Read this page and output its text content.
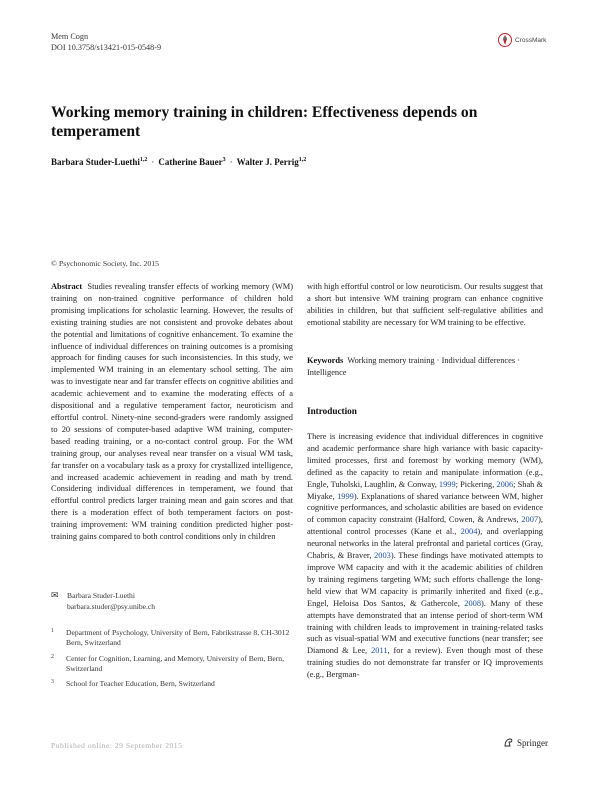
Mem Cogn
DOI 10.3758/s13421-015-0548-9
CrossMark
Working memory training in children: Effectiveness depends on temperament
Barbara Studer-Luethi$^{1,2}$ · Catherine Bauer$^3$ · Walter J. Perrig$^{1,2}$
© Psychonomic Society, Inc. 2015
Abstract Studies revealing transfer effects of working memory (WM) training on non-trained cognitive performance of children hold promising implications for scholastic learning. However, the results of existing training studies are not consistent and provoke debates about the potential and limitations of cognitive enhancement. To examine the influence of individual differences on training outcomes is a promising approach for finding causes for such inconsistencies. In this study, we implemented WM training in an elementary school setting. The aim was to investigate near and far transfer effects on cognitive abilities and academic achievement and to examine the moderating effects of a dispositional and a regulative temperament factor, neuroticism and effortful control. Ninety-nine second-graders were randomly assigned to 20 sessions of computer-based adaptive WM training, computer-based reading training, or a no-contact control group. For the WM training group, our analyses reveal near transfer on a visual WM task, far transfer on a vocabulary task as a proxy for crystallized intelligence, and increased academic achievement in reading and math by trend. Considering individual differences in temperament, we found that effortful control predicts larger training mean and gain scores and that there is a moderation effect of both temperament factors on post-training improvement: WM training condition predicted higher post-training gains compared to both control conditions only in children
with high effortful control or low neuroticism. Our results suggest that a short but intensive WM training program can enhance cognitive abilities in children, but that sufficient self-regulative abilities and emotional stability are necessary for WM training to be effective.
Keywords Working memory training · Individual differences · Intelligence
Introduction
There is increasing evidence that individual differences in cognitive and academic performance share high variance with basic capacity-limited processes, first and foremost by working memory (WM), defined as the capacity to retain and manipulate information (e.g., Engle, Tuholski, Laughlin, & Conway, 1999; Pickering, 2006; Shah & Miyake, 1999). Explanations of shared variance between WM, higher cognitive performances, and scholastic abilities are based on evidence of common capacity constraint (Halford, Cowen, & Andrews, 2007), attentional control processes (Kane et al., 2004), and overlapping neuronal networks in the lateral prefrontal and parietal cortices (Gray, Chabris, & Braver, 2003). These findings have motivated attempts to improve WM capacity and with it the academic abilities of children by training regimens targeting WM; such efforts challenge the long-held view that WM capacity is primarily inherited and fixed (e.g., Engel, Heloisa Dos Santos, & Gathercole, 2008). Many of these attempts have demonstrated that an intense period of short-term WM training with children leads to improvement in training-related tasks such as visual-spatial WM and executive functions (near transfer; see Diamond & Lee, 2011, for a review). Even though most of these training studies do not demonstrate far transfer or IQ improvements (e.g., Bergman-
✉ Barbara Studer-Luethi
barbara.studer@psy.unibe.ch
1 Department of Psychology, University of Bern, Fabrikstrasse 8, CH-3012 Bern, Switzerland
2 Center for Cognition, Learning, and Memory, University of Bern, Bern, Switzerland
3 School for Teacher Education, Bern, Switzerland
Published online: 29 September 2015	Springer
